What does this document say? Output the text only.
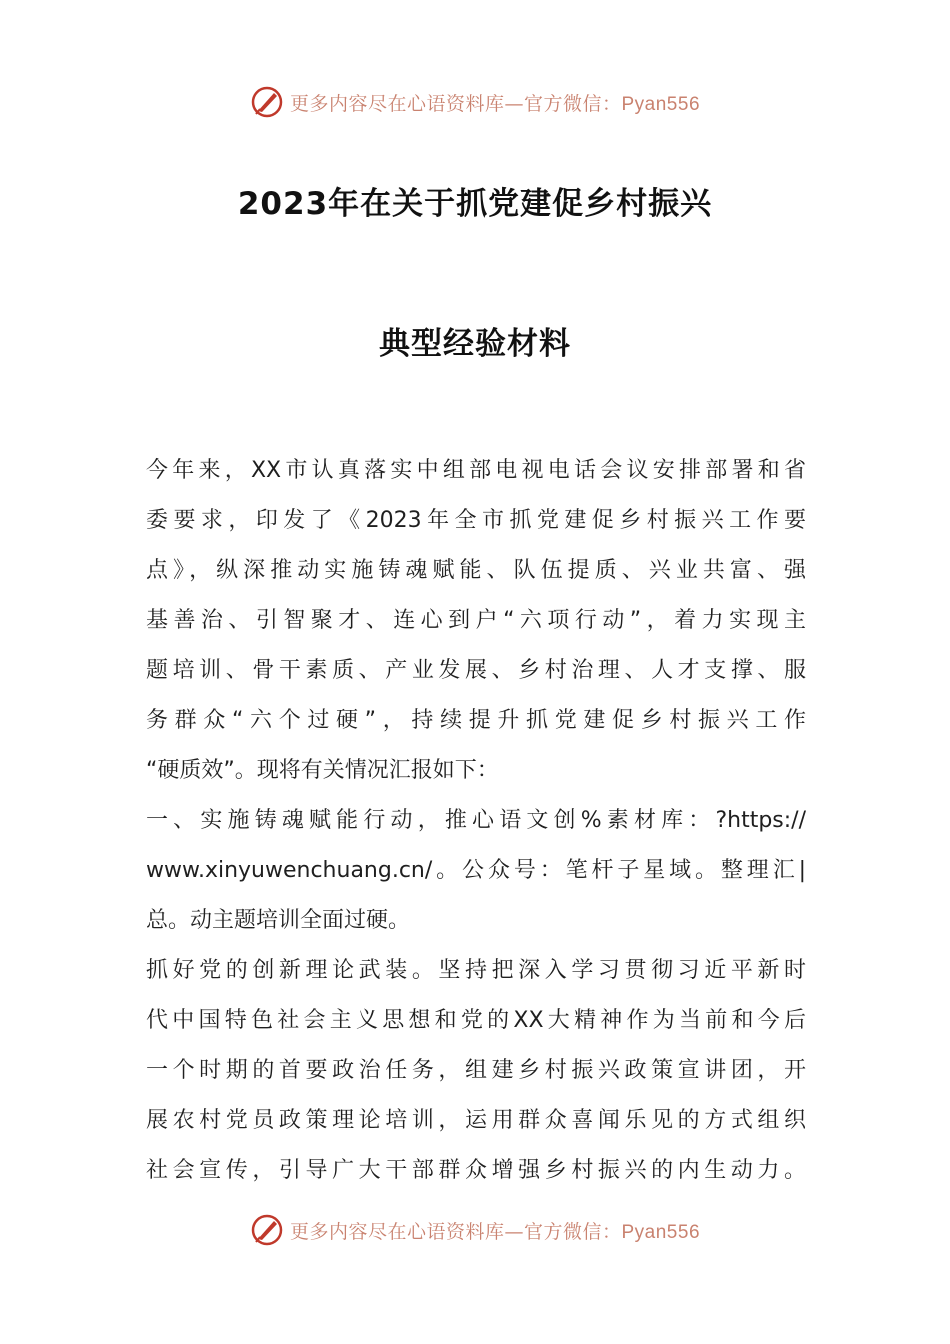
更多内容尽在心语资料库—官方微信：Pyan556
2023年在关于抓党建促乡村振兴
典型经验材料
今年来，XX市认真落实中组部电视电话会议安排部署和省
委要求，印发了《2023年全市抓党建促乡村振兴工作要
点》，纵深推动实施铸魂赋能、队伍提质、兴业共富、强
基善治、引智聚才、连心到户“六项行动”，着力实现主
题培训、骨干素质、产业发展、乡村治理、人才支撑、服
务群众“六个过硬”，持续提升抓党建促乡村振兴工作
“硬质效”。现将有关情况汇报如下：
一、实施铸魂赋能行动，推心语文创%素材库：?https://
www.xinyuwenchuang.cn/。公众号：笔杆子星域。整理汇|
总。动主题培训全面过硬。
抓好党的创新理论武装。坚持把深入学习贯彻习近平新时
代中国特色社会主义思想和党的XX大精神作为当前和今后
一个时期的首要政治任务，组建乡村振兴政策宣讲团，开
展农村党员政策理论培训，运用群众喜闻乐见的方式组织
社会宣传，引导广大干部群众增强乡村振兴的内生动力。
更多内容尽在心语资料库—官方微信：Pyan556
